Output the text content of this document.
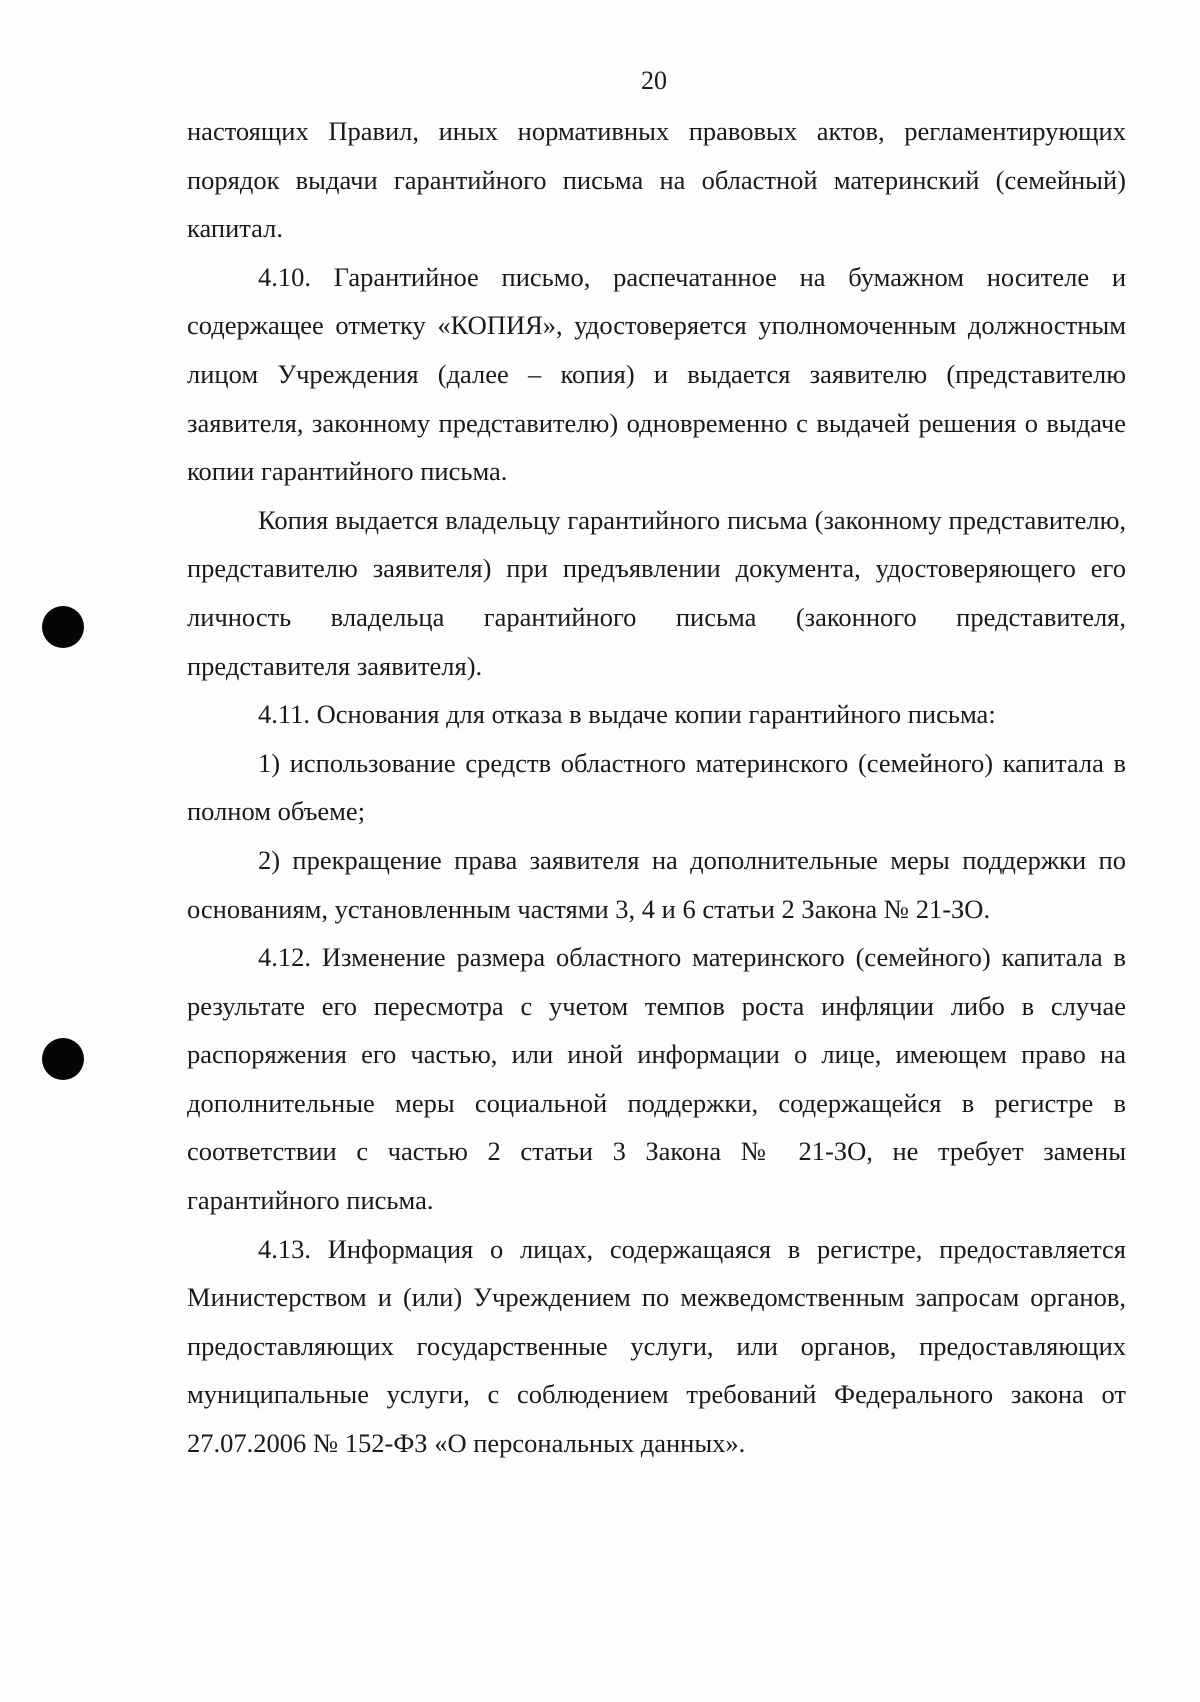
20

настоящих Правил, иных нормативных правовых актов, регламентирующих порядок выдачи гарантийного письма на областной материнский (семейный) капитал.

4.10. Гарантийное письмо, распечатанное на бумажном носителе и содержащее отметку «КОПИЯ», удостоверяется уполномоченным должностным лицом Учреждения (далее – копия) и выдается заявителю (представителю заявителя, законному представителю) одновременно с выдачей решения о выдаче копии гарантийного письма.

Копия выдается владельцу гарантийного письма (законному представителю, представителю заявителя) при предъявлении документа, удостоверяющего его личность владельца гарантийного письма (законного представителя, представителя заявителя).

4.11. Основания для отказа в выдаче копии гарантийного письма:

1) использование средств областного материнского (семейного) капитала в полном объеме;

2) прекращение права заявителя на дополнительные меры поддержки по основаниям, установленным частями 3, 4 и 6 статьи 2 Закона № 21-ЗО.

4.12. Изменение размера областного материнского (семейного) капитала в результате его пересмотра с учетом темпов роста инфляции либо в случае распоряжения его частью, или иной информации о лице, имеющем право на дополнительные меры социальной поддержки, содержащейся в регистре в соответствии с частью 2 статьи 3 Закона № 21-ЗО, не требует замены гарантийного письма.

4.13. Информация о лицах, содержащаяся в регистре, предоставляется Министерством и (или) Учреждением по межведомственным запросам органов, предоставляющих государственные услуги, или органов, предоставляющих муниципальные услуги, с соблюдением требований Федерального закона от 27.07.2006 № 152-ФЗ «О персональных данных».
